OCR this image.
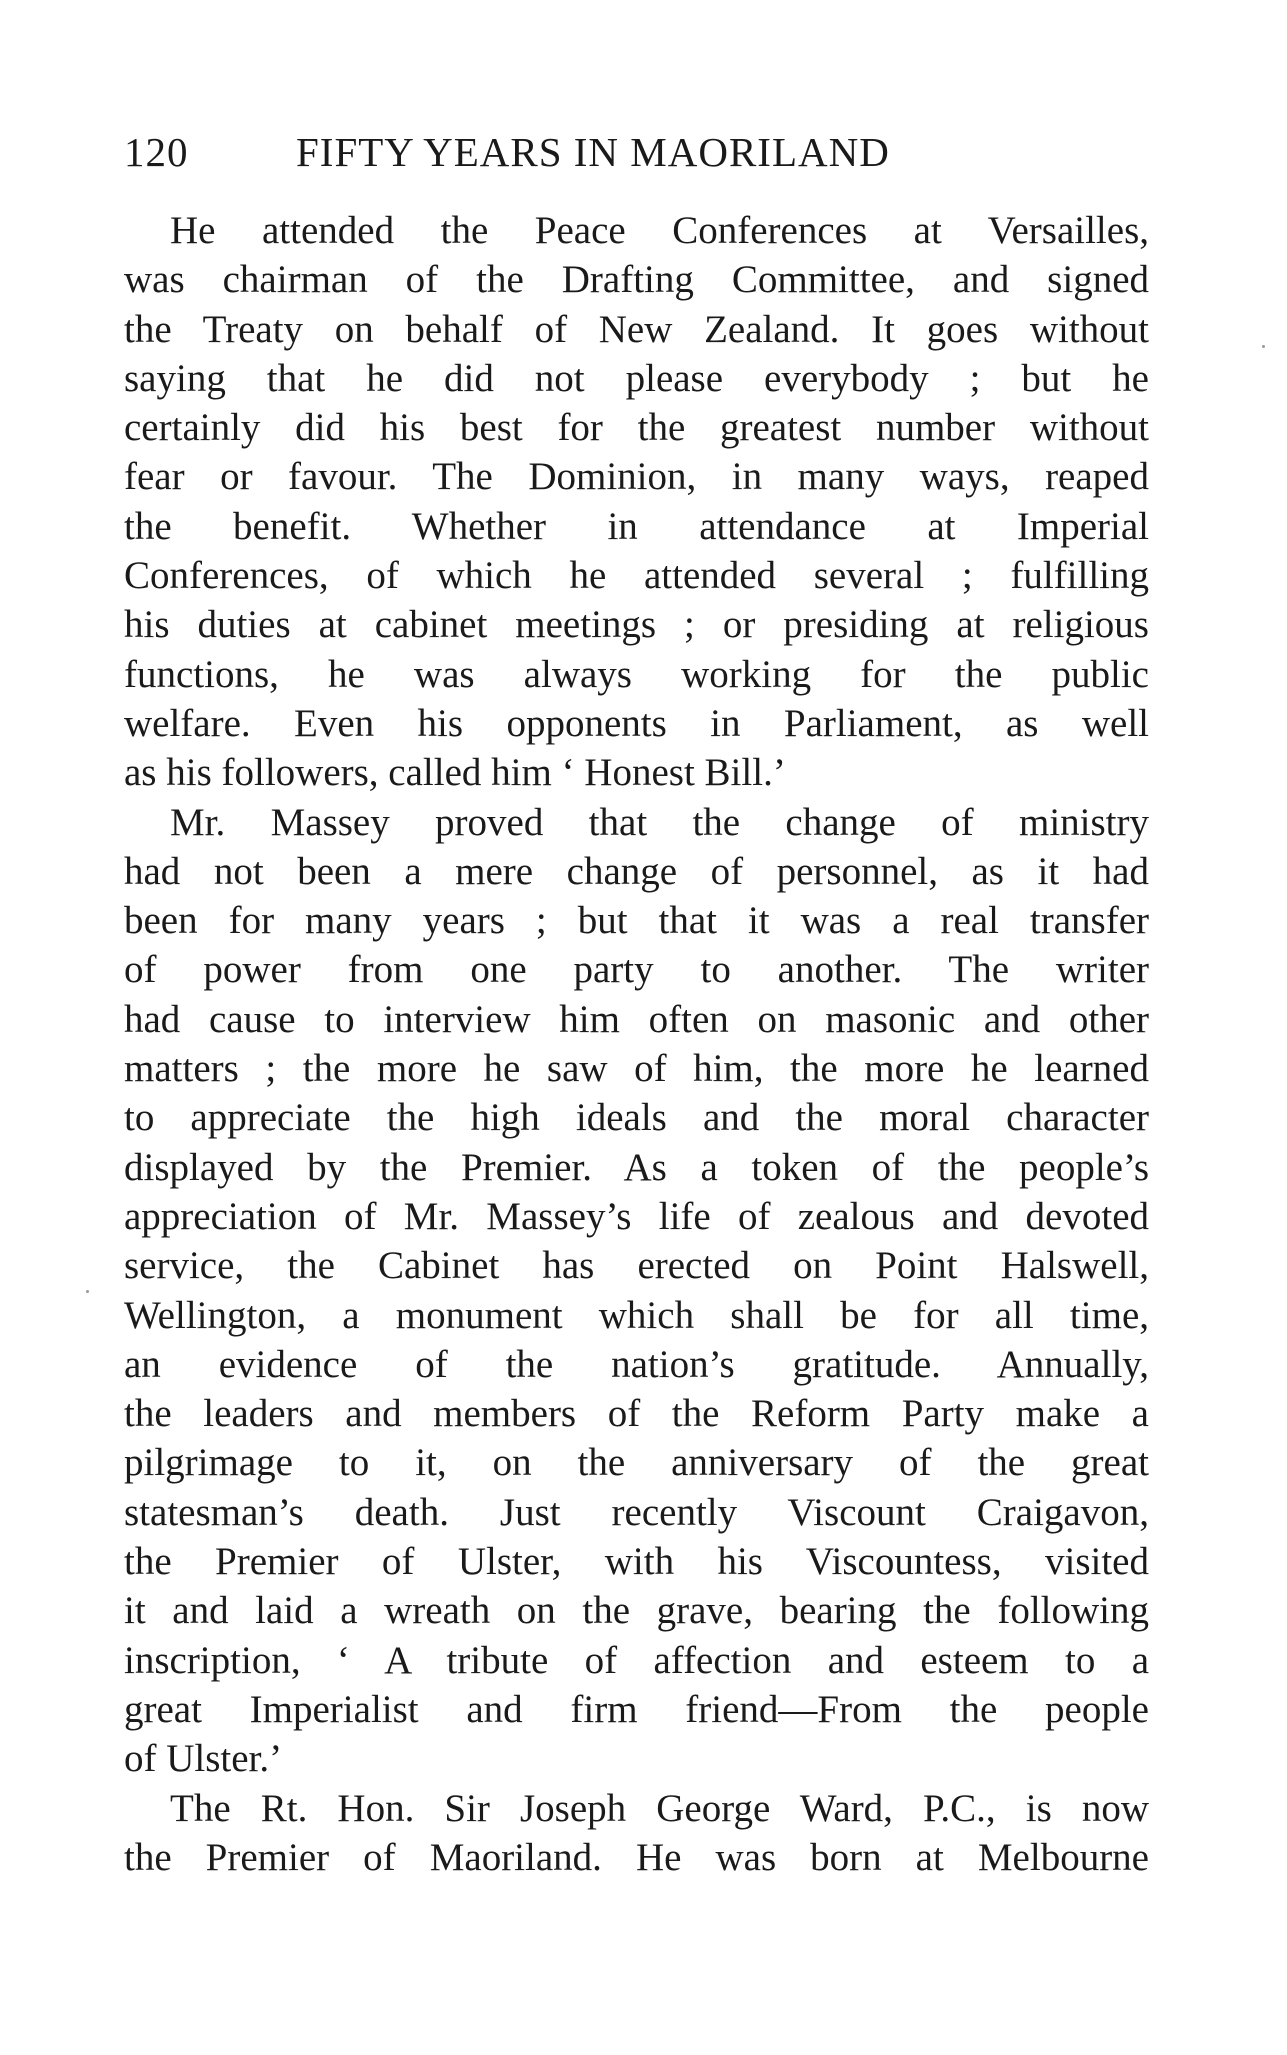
120	FIFTY YEARS IN MAORILAND
He attended the Peace Conferences at Versailles,
was chairman of the Drafting Committee, and signed
the Treaty on behalf of New Zealand. It goes without
saying that he did not please everybody ; but he
certainly did his best for the greatest number without
fear or favour. The Dominion, in many ways, reaped
the benefit. Whether in attendance at Imperial
Conferences, of which he attended several ; fulfilling
his duties at cabinet meetings ; or presiding at religious
functions, he was always working for the public
welfare. Even his opponents in Parliament, as well
as his followers, called him ‘ Honest Bill.’
Mr. Massey proved that the change of ministry
had not been a mere change of personnel, as it had
been for many years ; but that it was a real transfer
of power from one party to another. The writer
had cause to interview him often on masonic and other
matters ; the more he saw of him, the more he learned
to appreciate the high ideals and the moral character
displayed by the Premier. As a token of the people’s
appreciation of Mr. Massey’s life of zealous and devoted
service, the Cabinet has erected on Point Halswell,
Wellington, a monument which shall be for all time,
an evidence of the nation’s gratitude. Annually,
the leaders and members of the Reform Party make a
pilgrimage to it, on the anniversary of the great
statesman’s death. Just recently Viscount Craigavon,
the Premier of Ulster, with his Viscountess, visited
it and laid a wreath on the grave, bearing the following
inscription, ‘ A tribute of affection and esteem to a
great Imperialist and firm friend—From the people
of Ulster.’
The Rt. Hon. Sir Joseph George Ward, P.C., is now
the Premier of Maoriland. He was born at Melbourne
